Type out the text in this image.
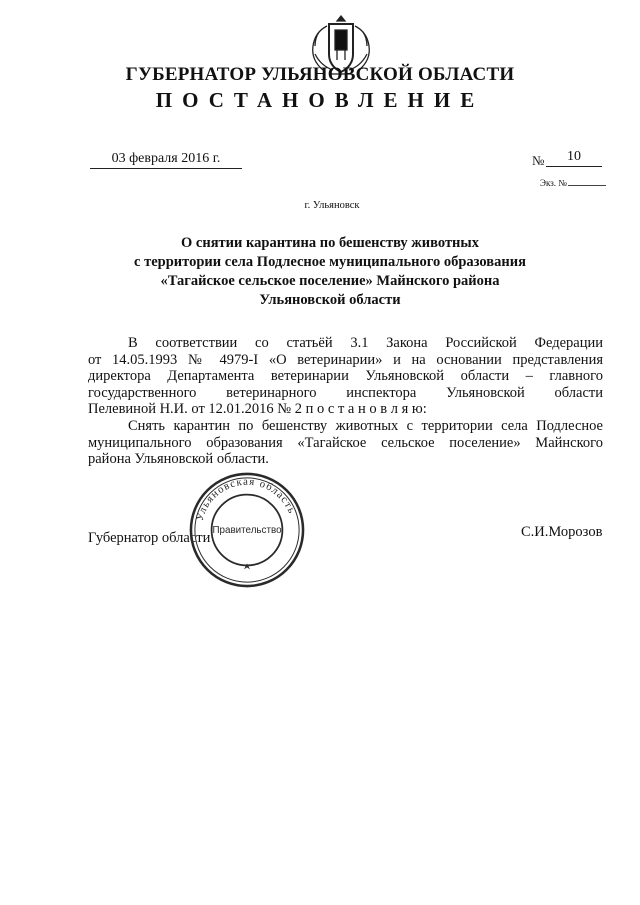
ГУБЕРНАТОР УЛЬЯНОВСКОЙ ОБЛАСТИ
ПОСТАНОВЛЕНИЕ
03 февраля 2016 г.	№	10
Экз. №
г. Ульяновск
О снятии карантина по бешенству животных
с территории села Подлесное муниципального образования
«Тагайское сельское поселение» Майнского района
Ульяновской области

В соответствии со статьёй 3.1 Закона Российской Федерации

от 14.05.1993 № 4979-I «О ветеринарии» и на основании представления

директора Департамента ветеринарии Ульяновской области – главного

государственного ветеринарного инспектора Ульяновской области

Пелевиной Н.И. от 12.01.2016 № 2 п о с т а н о в л я ю:

Снять карантин по бешенству животных с территории села Подлесное

муниципального образования «Тагайское сельское поселение» Майнского

района Ульяновской области.

Губернатор области	С.И.Морозов
Ульяновская область
Правительство
